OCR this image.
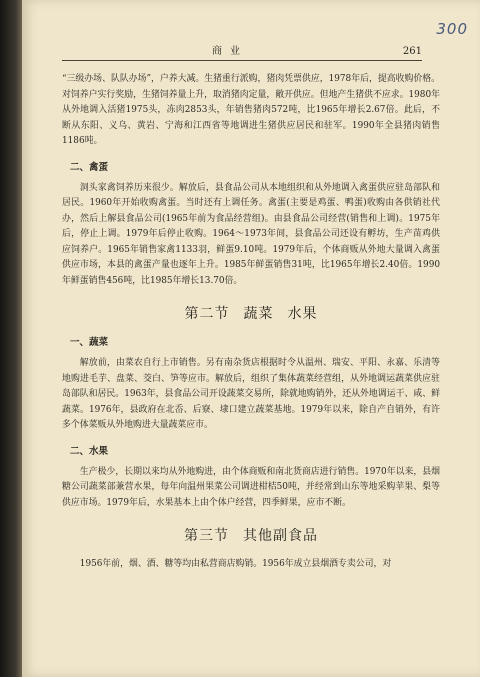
300
商业	261

“三级办场、队队办场”，户养大减。生猪重行派购，猪肉凭票供应，1978年后，提高收购价格。对饲养户实行奖励，生猪饲养量上升，取消猪肉定量，敞开供应。但地产生猪供不应求。1980年从外地调入活猪1975头，冻肉2853头，年销售猪肉572吨，比1965年增长2.67倍。此后，不断从东阳、义乌、黄岩、宁海和江西省等地调进生猪供应居民和驻军。1990年全县猪肉销售1186吨。

二、禽蛋

洞头家禽饲养历来很少。解放后，县食品公司从本地组织和从外地调入禽蛋供应驻岛部队和居民。1960年开始收购禽蛋。当时还有上调任务。禽蛋(主要是鸡蛋、鸭蛋)收购由各供销社代办，然后上解县食品公司(1965年前为食品经营组)。由县食品公司经营(销售和上调)。1975年后，停止上调。1979年后停止收购。1964～1973年间，县食品公司还设有孵坊，生产苗鸡供应饲养户。1965年销售家禽1133羽，鲜蛋9.10吨。1979年后，个体商贩从外地大量调入禽蛋供应市场，本县的禽蛋产量也逐年上升。1985年鲜蛋销售31吨，比1965年增长2.40倍。1990年鲜蛋销售456吨，比1985年增长13.70倍。

第二节 蔬菜 水果
一、蔬菜

解放前，由菜农自行上市销售。另有南杂货店根据时令从温州、瑞安、平阳、永嘉、乐清等地购进毛芋、盘菜、茭白、笋等应市。解放后，组织了集体蔬菜经营组，从外地调运蔬菜供应驻岛部队和居民。1963年，县食品公司开设蔬菜交易所，除就地购销外，还从外地调运干、咸、鲜蔬菜。1976年，县政府在北岙、后寮、埭口建立蔬菜基地。1979年以来，除自产自销外，有许多个体菜贩从外地购进大量蔬菜应市。

二、水果

生产极少，长期以来均从外地购进，由个体商贩和南北货商店进行销售。1970年以来，县烟糖公司蔬菜部兼营水果，每年向温州果菜公司调进柑桔50吨，并经常到山东等地采购苹果、梨等供应市场。1979年后，水果基本上由个体户经营，四季鲜果，应市不断。

第三节 其他副食品

1956年前，烟、酒、糖等均由私营商店购销。1956年成立县烟酒专卖公司，对
